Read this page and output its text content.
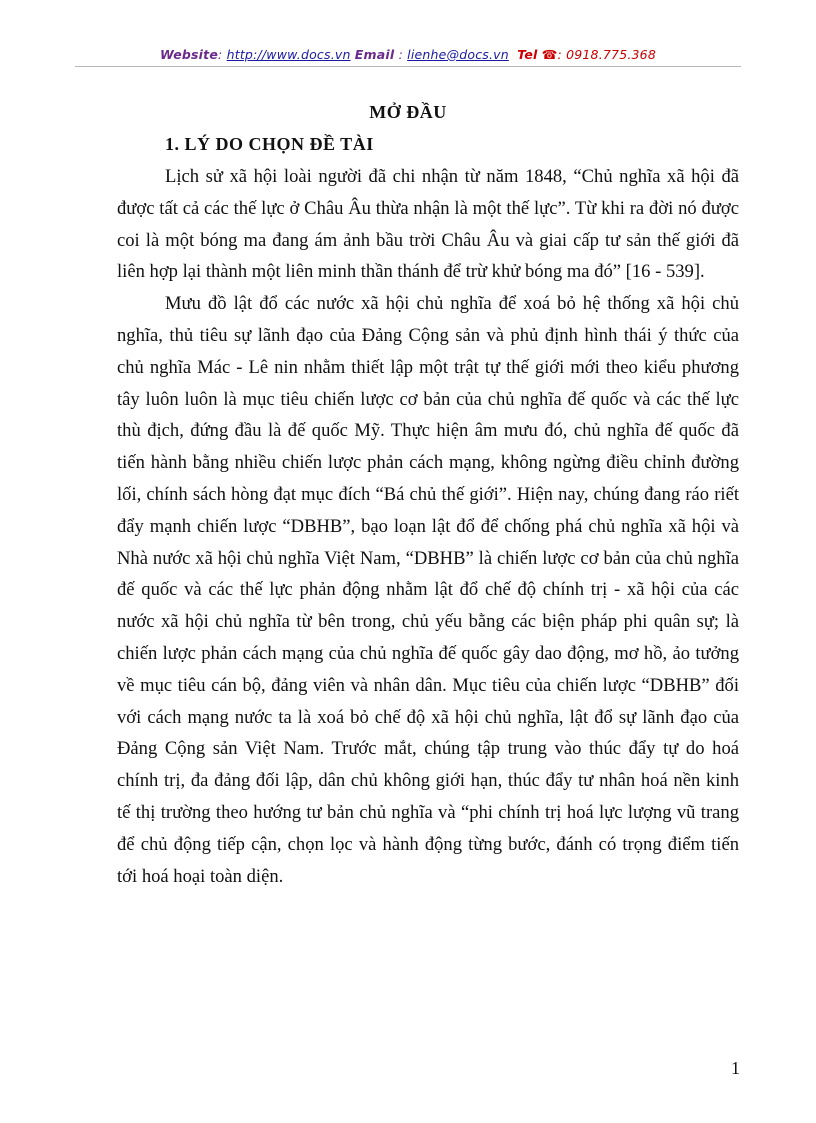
Website: http://www.docs.vn Email : lienhe@docs.vn Tel ☎: 0918.775.368
MỞ ĐẦU
1. LÝ DO CHỌN ĐỀ TÀI

Lịch sử xã hội loài người đã chi nhận từ năm 1848, “Chủ nghĩa xã hội đã được tất cả các thế lực ở Châu Âu thừa nhận là một thế lực”. Từ khi ra đời nó được coi là một bóng ma đang ám ảnh bầu trời Châu Âu và giai cấp tư sản thế giới đã liên hợp lại thành một liên minh thần thánh để trừ khử bóng ma đó” [16 - 539].

Mưu đồ lật đổ các nước xã hội chủ nghĩa để xoá bỏ hệ thống xã hội chủ nghĩa, thủ tiêu sự lãnh đạo của Đảng Cộng sản và phủ định hình thái ý thức của chủ nghĩa Mác - Lê nin nhằm thiết lập một trật tự thế giới mới theo kiểu phương tây luôn luôn là mục tiêu chiến lược cơ bản của chủ nghĩa đế quốc và các thế lực thù địch, đứng đầu là đế quốc Mỹ. Thực hiện âm mưu đó, chủ nghĩa đế quốc đã tiến hành bằng nhiều chiến lược phản cách mạng, không ngừng điều chỉnh đường lối, chính sách hòng đạt mục đích “Bá chủ thế giới”. Hiện nay, chúng đang ráo riết đẩy mạnh chiến lược “DBHB”, bạo loạn lật đổ để chống phá chủ nghĩa xã hội và Nhà nước xã hội chủ nghĩa Việt Nam, “DBHB” là chiến lược cơ bản của chủ nghĩa đế quốc và các thế lực phản động nhằm lật đổ chế độ chính trị - xã hội của các nước xã hội chủ nghĩa từ bên trong, chủ yếu bằng các biện pháp phi quân sự; là chiến lược phản cách mạng của chủ nghĩa đế quốc gây dao động, mơ hồ, ảo tưởng về mục tiêu cán bộ, đảng viên và nhân dân. Mục tiêu của chiến lược “DBHB” đối với cách mạng nước ta là xoá bỏ chế độ xã hội chủ nghĩa, lật đổ sự lãnh đạo của Đảng Cộng sản Việt Nam. Trước mắt, chúng tập trung vào thúc đẩy tự do hoá chính trị, đa đảng đối lập, dân chủ không giới hạn, thúc đẩy tư nhân hoá nền kinh tế thị trường theo hướng tư bản chủ nghĩa và “phi chính trị hoá lực lượng vũ trang để chủ động tiếp cận, chọn lọc và hành động từng bước, đánh có trọng điểm tiến tới hoá hoại toàn diện.

1
